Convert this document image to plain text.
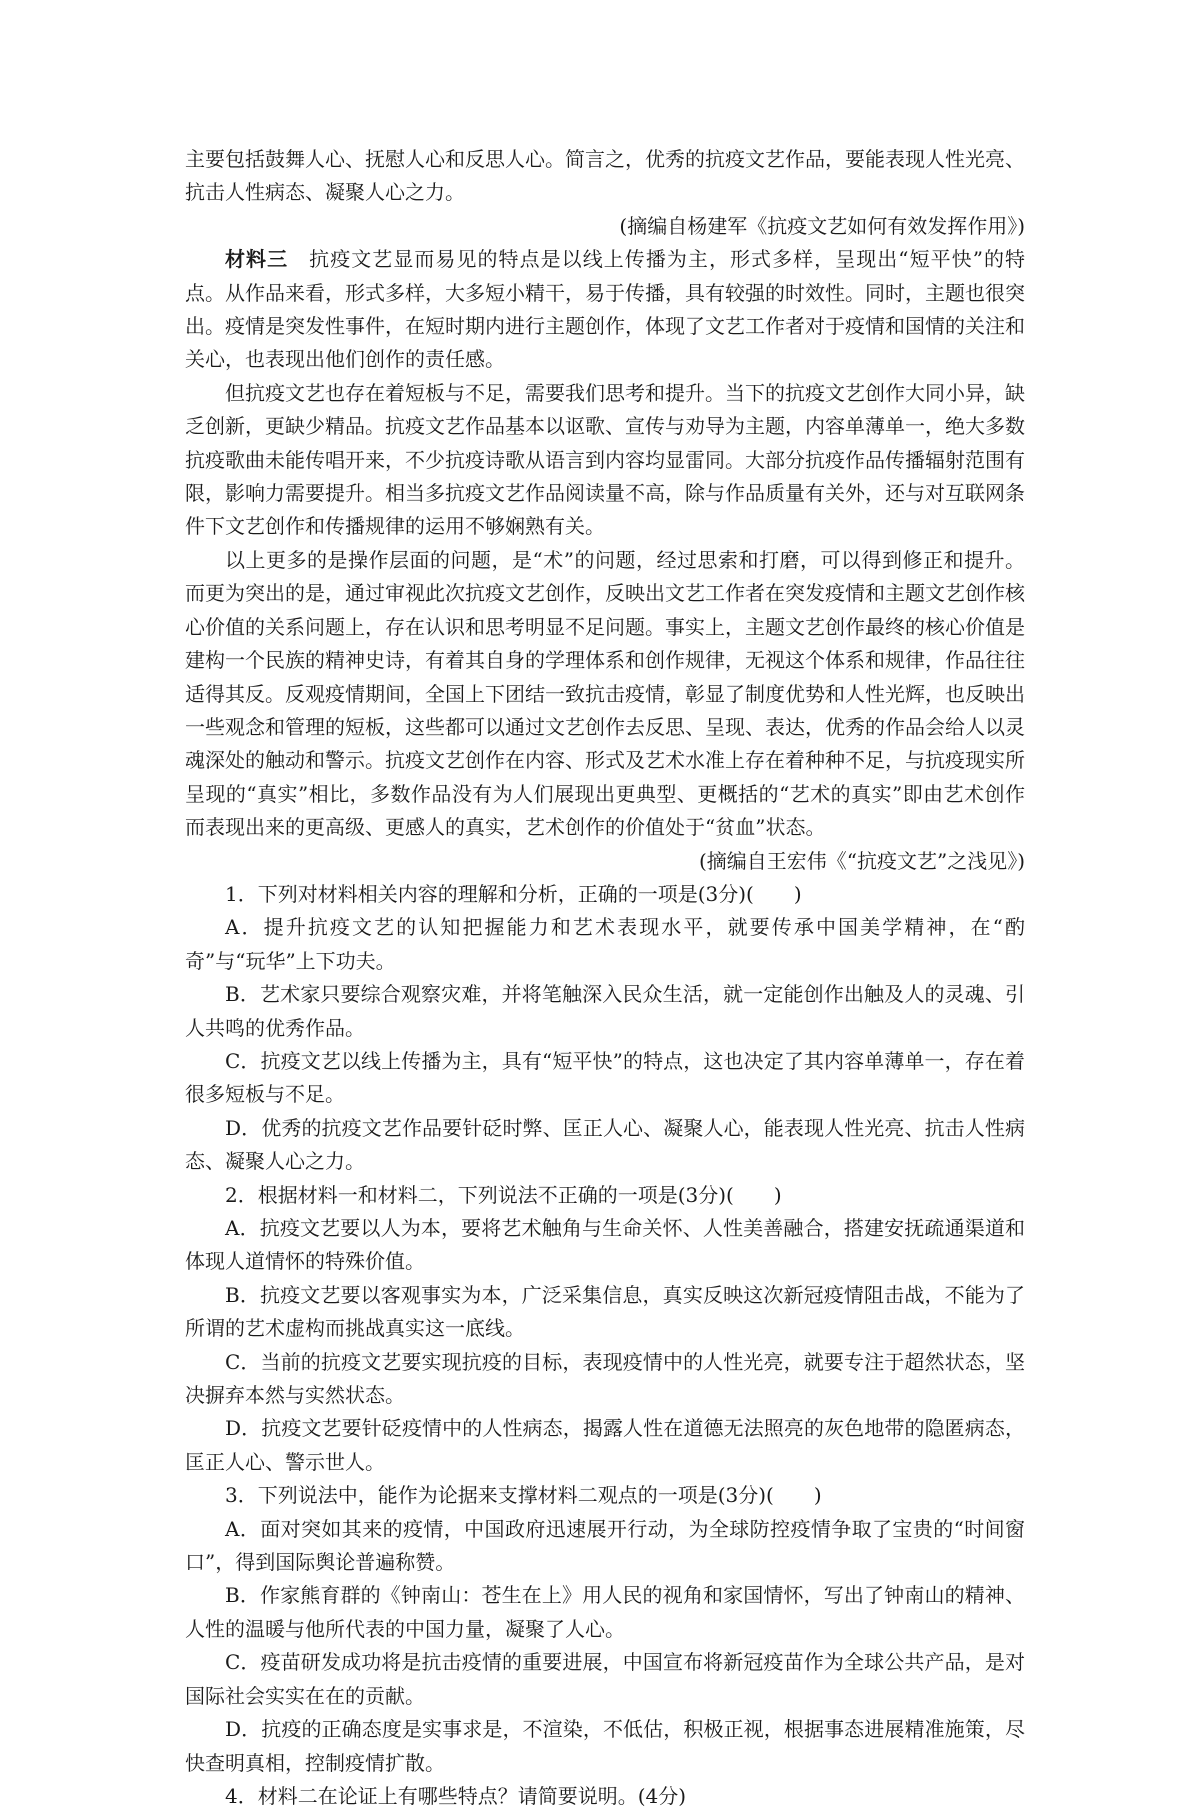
主要包括鼓舞人心、抚慰人心和反思人心。简言之，优秀的抗疫文艺作品，要能表现人性光亮、抗击人性病态、凝聚人心之力。

(摘编自杨建军《抗疫文艺如何有效发挥作用》)

材料三　 抗疫文艺显而易见的特点是以线上传播为主，形式多样，呈现出“短平快”的特点。从作品来看，形式多样，大多短小精干，易于传播，具有较强的时效性。同时，主题也很突出。疫情是突发性事件，在短时期内进行主题创作，体现了文艺工作者对于疫情和国情的关注和关心，也表现出他们创作的责任感。

但抗疫文艺也存在着短板与不足，需要我们思考和提升。当下的抗疫文艺创作大同小异，缺乏创新，更缺少精品。抗疫文艺作品基本以讴歌、宣传与劝导为主题，内容单薄单一，绝大多数抗疫歌曲未能传唱开来，不少抗疫诗歌从语言到内容均显雷同。大部分抗疫作品传播辐射范围有限，影响力需要提升。相当多抗疫文艺作品阅读量不高，除与作品质量有关外，还与对互联网条件下文艺创作和传播规律的运用不够娴熟有关。

以上更多的是操作层面的问题，是“术”的问题，经过思索和打磨，可以得到修正和提升。而更为突出的是，通过审视此次抗疫文艺创作，反映出文艺工作者在突发疫情和主题文艺创作核心价值的关系问题上，存在认识和思考明显不足问题。事实上，主题文艺创作最终的核心价值是建构一个民族的精神史诗，有着其自身的学理体系和创作规律，无视这个体系和规律，作品往往适得其反。反观疫情期间，全国上下团结一致抗击疫情，彰显了制度优势和人性光辉，也反映出一些观念和管理的短板，这些都可以通过文艺创作去反思、呈现、表达，优秀的作品会给人以灵魂深处的触动和警示。抗疫文艺创作在内容、形式及艺术水准上存在着种种不足，与抗疫现实所呈现的“真实”相比，多数作品没有为人们展现出更典型、更概括的“艺术的真实”即由艺术创作而表现出来的更高级、更感人的真实，艺术创作的价值处于“贫血”状态。

(摘编自王宏伟《“抗疫文艺”之浅见》)

1．下列对材料相关内容的理解和分析，正确的一项是(3分)(　　)

A．提升抗疫文艺的认知把握能力和艺术表现水平，就要传承中国美学精神，在“酌奇”与“玩华”上下功夫。

B．艺术家只要综合观察灾难，并将笔触深入民众生活，就一定能创作出触及人的灵魂、引人共鸣的优秀作品。

C．抗疫文艺以线上传播为主，具有“短平快”的特点，这也决定了其内容单薄单一，存在着很多短板与不足。

D．优秀的抗疫文艺作品要针砭时弊、匡正人心、凝聚人心，能表现人性光亮、抗击人性病态、凝聚人心之力。

2．根据材料一和材料二，下列说法不正确的一项是(3分)(　　)

A．抗疫文艺要以人为本，要将艺术触角与生命关怀、人性美善融合，搭建安抚疏通渠道和体现人道情怀的特殊价值。

B．抗疫文艺要以客观事实为本，广泛采集信息，真实反映这次新冠疫情阻击战，不能为了所谓的艺术虚构而挑战真实这一底线。

C．当前的抗疫文艺要实现抗疫的目标，表现疫情中的人性光亮，就要专注于超然状态，坚决摒弃本然与实然状态。

D．抗疫文艺要针砭疫情中的人性病态，揭露人性在道德无法照亮的灰色地带的隐匿病态，匡正人心、警示世人。

3．下列说法中，能作为论据来支撑材料二观点的一项是(3分)(　　)

A．面对突如其来的疫情，中国政府迅速展开行动，为全球防控疫情争取了宝贵的“时间窗口”，得到国际舆论普遍称赞。

B．作家熊育群的《钟南山：苍生在上》用人民的视角和家国情怀，写出了钟南山的精神、人性的温暖与他所代表的中国力量，凝聚了人心。

C．疫苗研发成功将是抗击疫情的重要进展，中国宣布将新冠疫苗作为全球公共产品，是对国际社会实实在在的贡献。

D．抗疫的正确态度是实事求是，不渲染，不低估，积极正视，根据事态进展精准施策，尽快查明真相，控制疫情扩散。

4．材料二在论证上有哪些特点？请简要说明。(4分)
